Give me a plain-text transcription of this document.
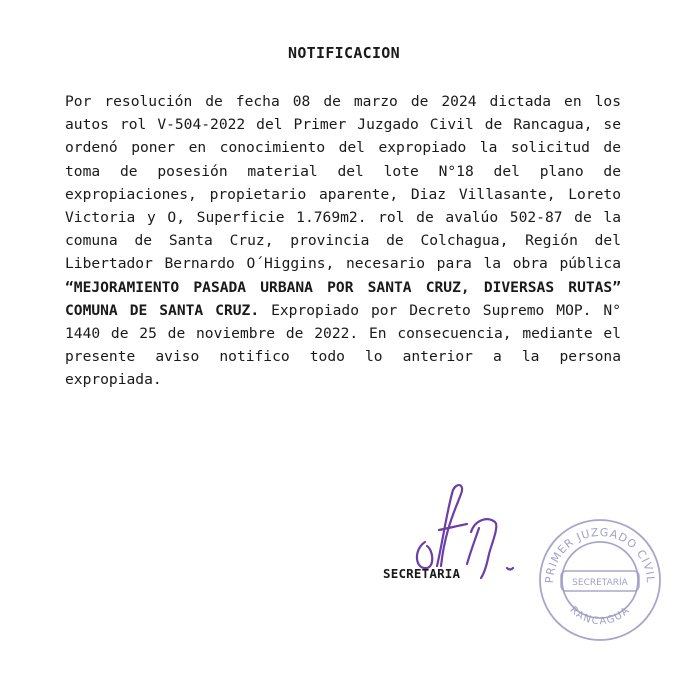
NOTIFICACION
Por resolución de fecha 08 de marzo de 2024 dictada en los autos rol V-504-2022 del Primer Juzgado Civil de Rancagua, se ordenó poner en conocimiento del expropiado la solicitud de toma de posesión material del lote N°18 del plano de expropiaciones, propietario aparente, Diaz Villasante, Loreto Victoria y O, Superficie 1.769m2. rol de avalúo 502-87 de la comuna de Santa Cruz, provincia de Colchagua, Región del Libertador Bernardo O´Higgins, necesario para la obra pública “MEJORAMIENTO PASADA URBANA POR SANTA CRUZ, DIVERSAS RUTAS” COMUNA DE SANTA CRUZ. Expropiado por Decreto Supremo MOP. N° 1440 de 25 de noviembre de 2022. En consecuencia, mediante el presente aviso notifico todo lo anterior a la persona expropiada.
SECRETARIA	PRIMER JUZGADO CIVIL
SECRETARÍA
RANCAGUA
